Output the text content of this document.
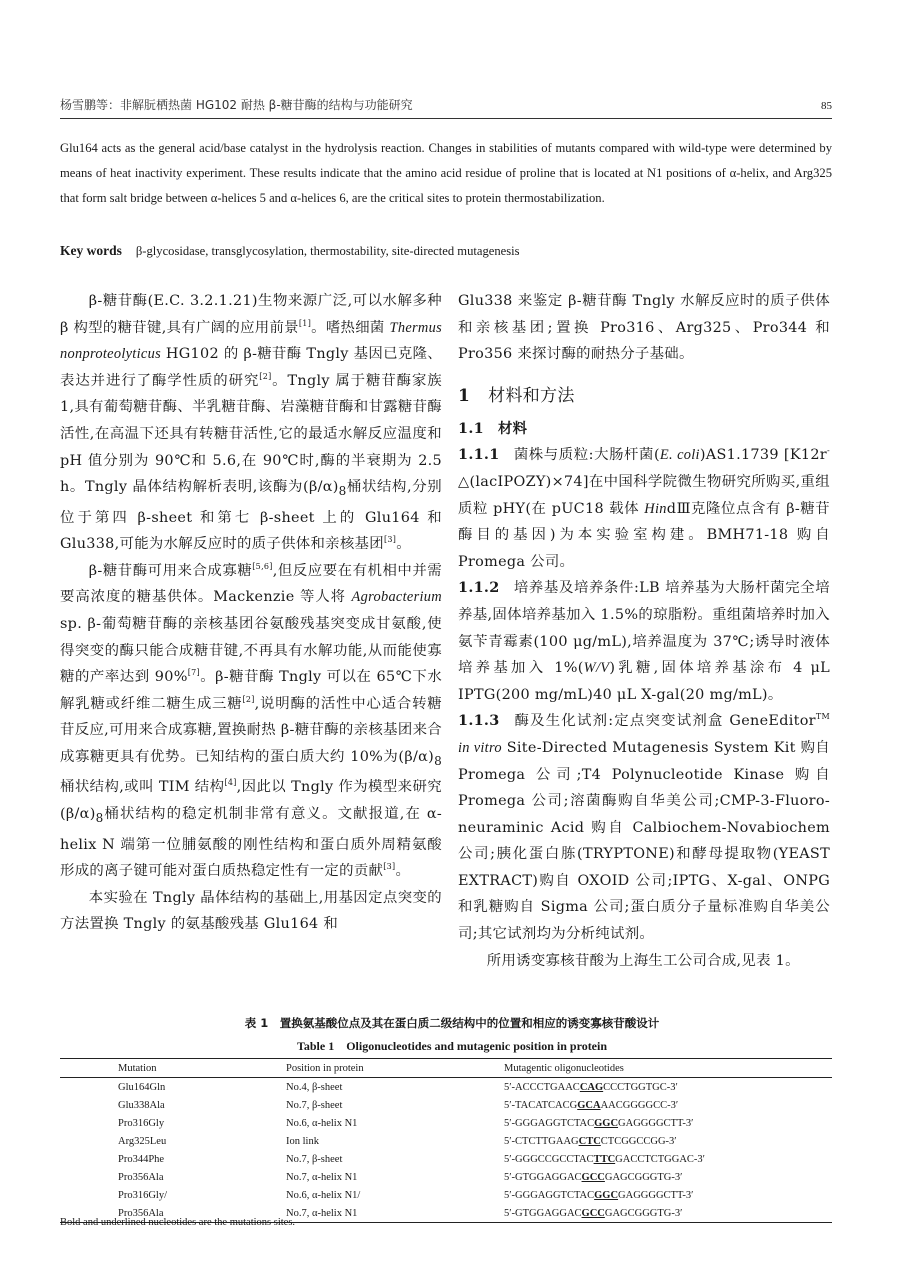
杨雪鹏等：非解朊栖热菌 HG102 耐热 β-糖苷酶的结构与功能研究	85
Glu164 acts as the general acid/base catalyst in the hydrolysis reaction. Changes in stabilities of mutants compared with wild-type were determined by means of heat inactivity experiment. These results indicate that the amino acid residue of proline that is located at N1 positions of α-helix, and Arg325 that form salt bridge between α-helices 5 and α-helices 6, are the critical sites to protein thermostabilization.
Key words β-glycosidase, transglycosylation, thermostability, site-directed mutagenesis

β-糖苷酶(E.C. 3.2.1.21)生物来源广泛,可以水解多种 β 构型的糖苷键,具有广阔的应用前景[1]。嗜热细菌 Thermus nonproteolyticus HG102 的 β-糖苷酶 Tngly 基因已克隆、表达并进行了酶学性质的研究[2]。Tngly 属于糖苷酶家族 1,具有葡萄糖苷酶、半乳糖苷酶、岩藻糖苷酶和甘露糖苷酶活性,在高温下还具有转糖苷活性,它的最适水解反应温度和 pH 值分别为 90℃和 5.6,在 90℃时,酶的半衰期为 2.5 h。Tngly 晶体结构解析表明,该酶为$(\beta/\alpha)_8$桶状结构,分别位于第四 β-sheet 和第七 β-sheet 上的 Glu164 和 Glu338,可能为水解反应时的质子供体和亲核基团[3]。

β-糖苷酶可用来合成寡糖[5,6],但反应要在有机相中并需要高浓度的糖基供体。Mackenzie 等人将 Agrobacterium sp. β-葡萄糖苷酶的亲核基团谷氨酸残基突变成甘氨酸,使得突变的酶只能合成糖苷键,不再具有水解功能,从而能使寡糖的产率达到 90%[7]。β-糖苷酶 Tngly 可以在 65℃下水解乳糖或纤维二糖生成三糖[2],说明酶的活性中心适合转糖苷反应,可用来合成寡糖,置换耐热 β-糖苷酶的亲核基团来合成寡糖更具有优势。已知结构的蛋白质大约 10%为$(\beta/\alpha)_8$桶状结构,或叫 TIM 结构[4],因此以 Tngly 作为模型来研究$(\beta/\alpha)_8$桶状结构的稳定机制非常有意义。文献报道,在 α-helix N 端第一位脯氨酸的刚性结构和蛋白质外周精氨酸形成的离子键可能对蛋白质热稳定性有一定的贡献[3]。

本实验在 Tngly 晶体结构的基础上,用基因定点突变的方法置换 Tngly 的氨基酸残基 Glu164 和

Glu338 来鉴定 β-糖苷酶 Tngly 水解反应时的质子供体和亲核基团;置换 Pro316、Arg325、Pro344 和 Pro356 来探讨酶的耐热分子基础。

1 材料和方法

1.1 材料

1.1.1 菌株与质粒:大肠杆菌(E. coli)AS1.1739 [K12r- △(lacIPOZY)×74]在中国科学院微生物研究所购买,重组质粒 pHY(在 pUC18 载体 HindⅢ克隆位点含有 β-糖苷酶目的基因)为本实验室构建。BMH71-18 购自 Promega 公司。

1.1.2 培养基及培养条件:LB 培养基为大肠杆菌完全培养基,固体培养基加入 1.5%的琼脂粉。重组菌培养时加入氨苄青霉素(100 μg/mL),培养温度为 37℃;诱导时液体培养基加入 1%(W/V)乳糖,固体培养基涂布 4 μL IPTG(200 mg/mL)40 μL X-gal(20 mg/mL)。

1.1.3 酶及生化试剂:定点突变试剂盒 GeneEditor™ in vitro Site-Directed Mutagenesis System Kit 购自 Promega 公司;T4 Polynucleotide Kinase 购自 Promega 公司;溶菌酶购自华美公司;CMP-3-Fluoro-neuraminic Acid 购自 Calbiochem-Novabiochem 公司;胰化蛋白胨(TRYPTONE)和酵母提取物(YEAST EXTRACT)购自 OXOID 公司;IPTG、X-gal、ONPG 和乳糖购自 Sigma 公司;蛋白质分子量标准购自华美公司;其它试剂均为分析纯试剂。

所用诱变寡核苷酸为上海生工公司合成,见表 1。

表 1　置换氨基酸位点及其在蛋白质二级结构中的位置和相应的诱变寡核苷酸设计
Table 1　Oligonucleotides and mutagenic position in protein
Mutation	Position in protein	Mutagentic oligonucleotides
Glu164Gln	No.4, β-sheet	5′-ACCCTGAACCAGCCCTGGTGC-3′
Glu338Ala	No.7, β-sheet	5′-TACATCACGGCAAACGGGGCC-3′
Pro316Gly	No.6, α-helix N1	5′-GGGAGGTCTACGGCGAGGGGCTT-3′
Arg325Leu	Ion link	5′-CTCTTGAAGCTCCTCGGCCGG-3′
Pro344Phe	No.7, β-sheet	5′-GGGCCGCCTACTTCGACCTCTGGAC-3′
Pro356Ala	No.7, α-helix N1	5′-GTGGAGGACGCCGAGCGGGTG-3′
Pro316Gly/	No.6, α-helix N1/	5′-GGGAGGTCTACGGCGAGGGGCTT-3′
Pro356Ala	No.7, α-helix N1	5′-GTGGAGGACGCCGAGCGGGTG-3′
Bold and underlined nucleotides are the mutations sites.
